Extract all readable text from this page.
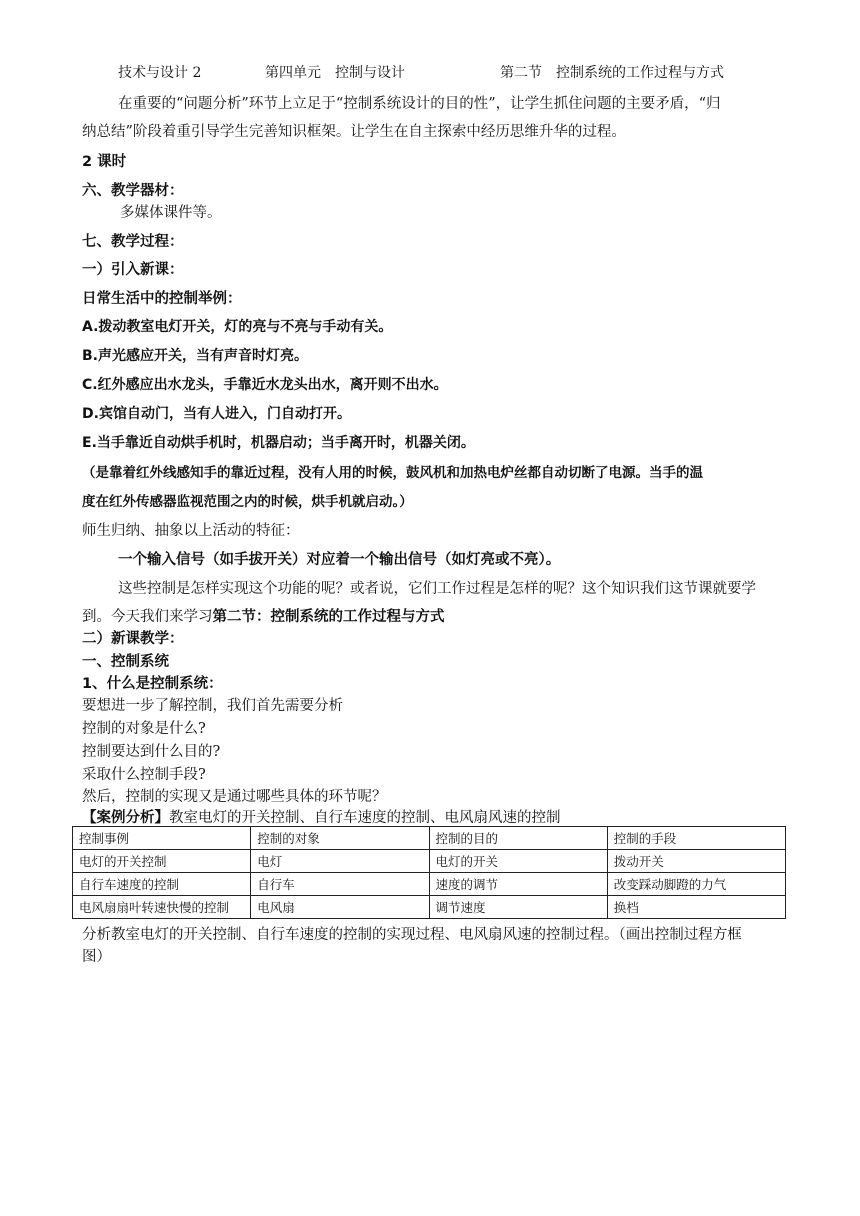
技术与设计 2	第四单元　控制与设计	第二节　控制系统的工作过程与方式
在重要的“问题分析”环节上立足于“控制系统设计的目的性”，让学生抓住问题的主要矛盾，“归
纳总结”阶段着重引导学生完善知识框架。让学生在自主探索中经历思维升华的过程。
2 课时
六、教学器材：
多媒体课件等。
七、教学过程：
一）引入新课：
日常生活中的控制举例：
A.拨动教室电灯开关，灯的亮与不亮与手动有关。
B.声光感应开关，当有声音时灯亮。
C.红外感应出水龙头，手靠近水龙头出水，离开则不出水。
D.宾馆自动门，当有人进入，门自动打开。
E.当手靠近自动烘手机时，机器启动；当手离开时，机器关闭。
（是靠着红外线感知手的靠近过程，没有人用的时候，鼓风机和加热电炉丝都自动切断了电源。当手的温
度在红外传感器监视范围之内的时候，烘手机就启动。）
师生归纳、抽象以上活动的特征：
一个输入信号（如手拔开关）对应着一个输出信号（如灯亮或不亮）。
这些控制是怎样实现这个功能的呢？或者说，它们工作过程是怎样的呢？这个知识我们这节课就要学
到。今天我们来学习第二节：控制系统的工作过程与方式
二）新课教学：
一、控制系统
1、什么是控制系统：
要想进一步了解控制，我们首先需要分析
控制的对象是什么?
控制要达到什么目的?
采取什么控制手段?
然后，控制的实现又是通过哪些具体的环节呢？
【案例分析】教室电灯的开关控制、自行车速度的控制、电风扇风速的控制
控制事例	控制的对象	控制的目的	控制的手段
电灯的开关控制	电灯	电灯的开关	拨动开关
自行车速度的控制	自行车	速度的调节	改变踩动脚蹬的力气
电风扇扇叶转速快慢的控制	电风扇	调节速度	换档
分析教室电灯的开关控制、自行车速度的控制的实现过程、电风扇风速的控制过程。（画出控制过程方框
图）
